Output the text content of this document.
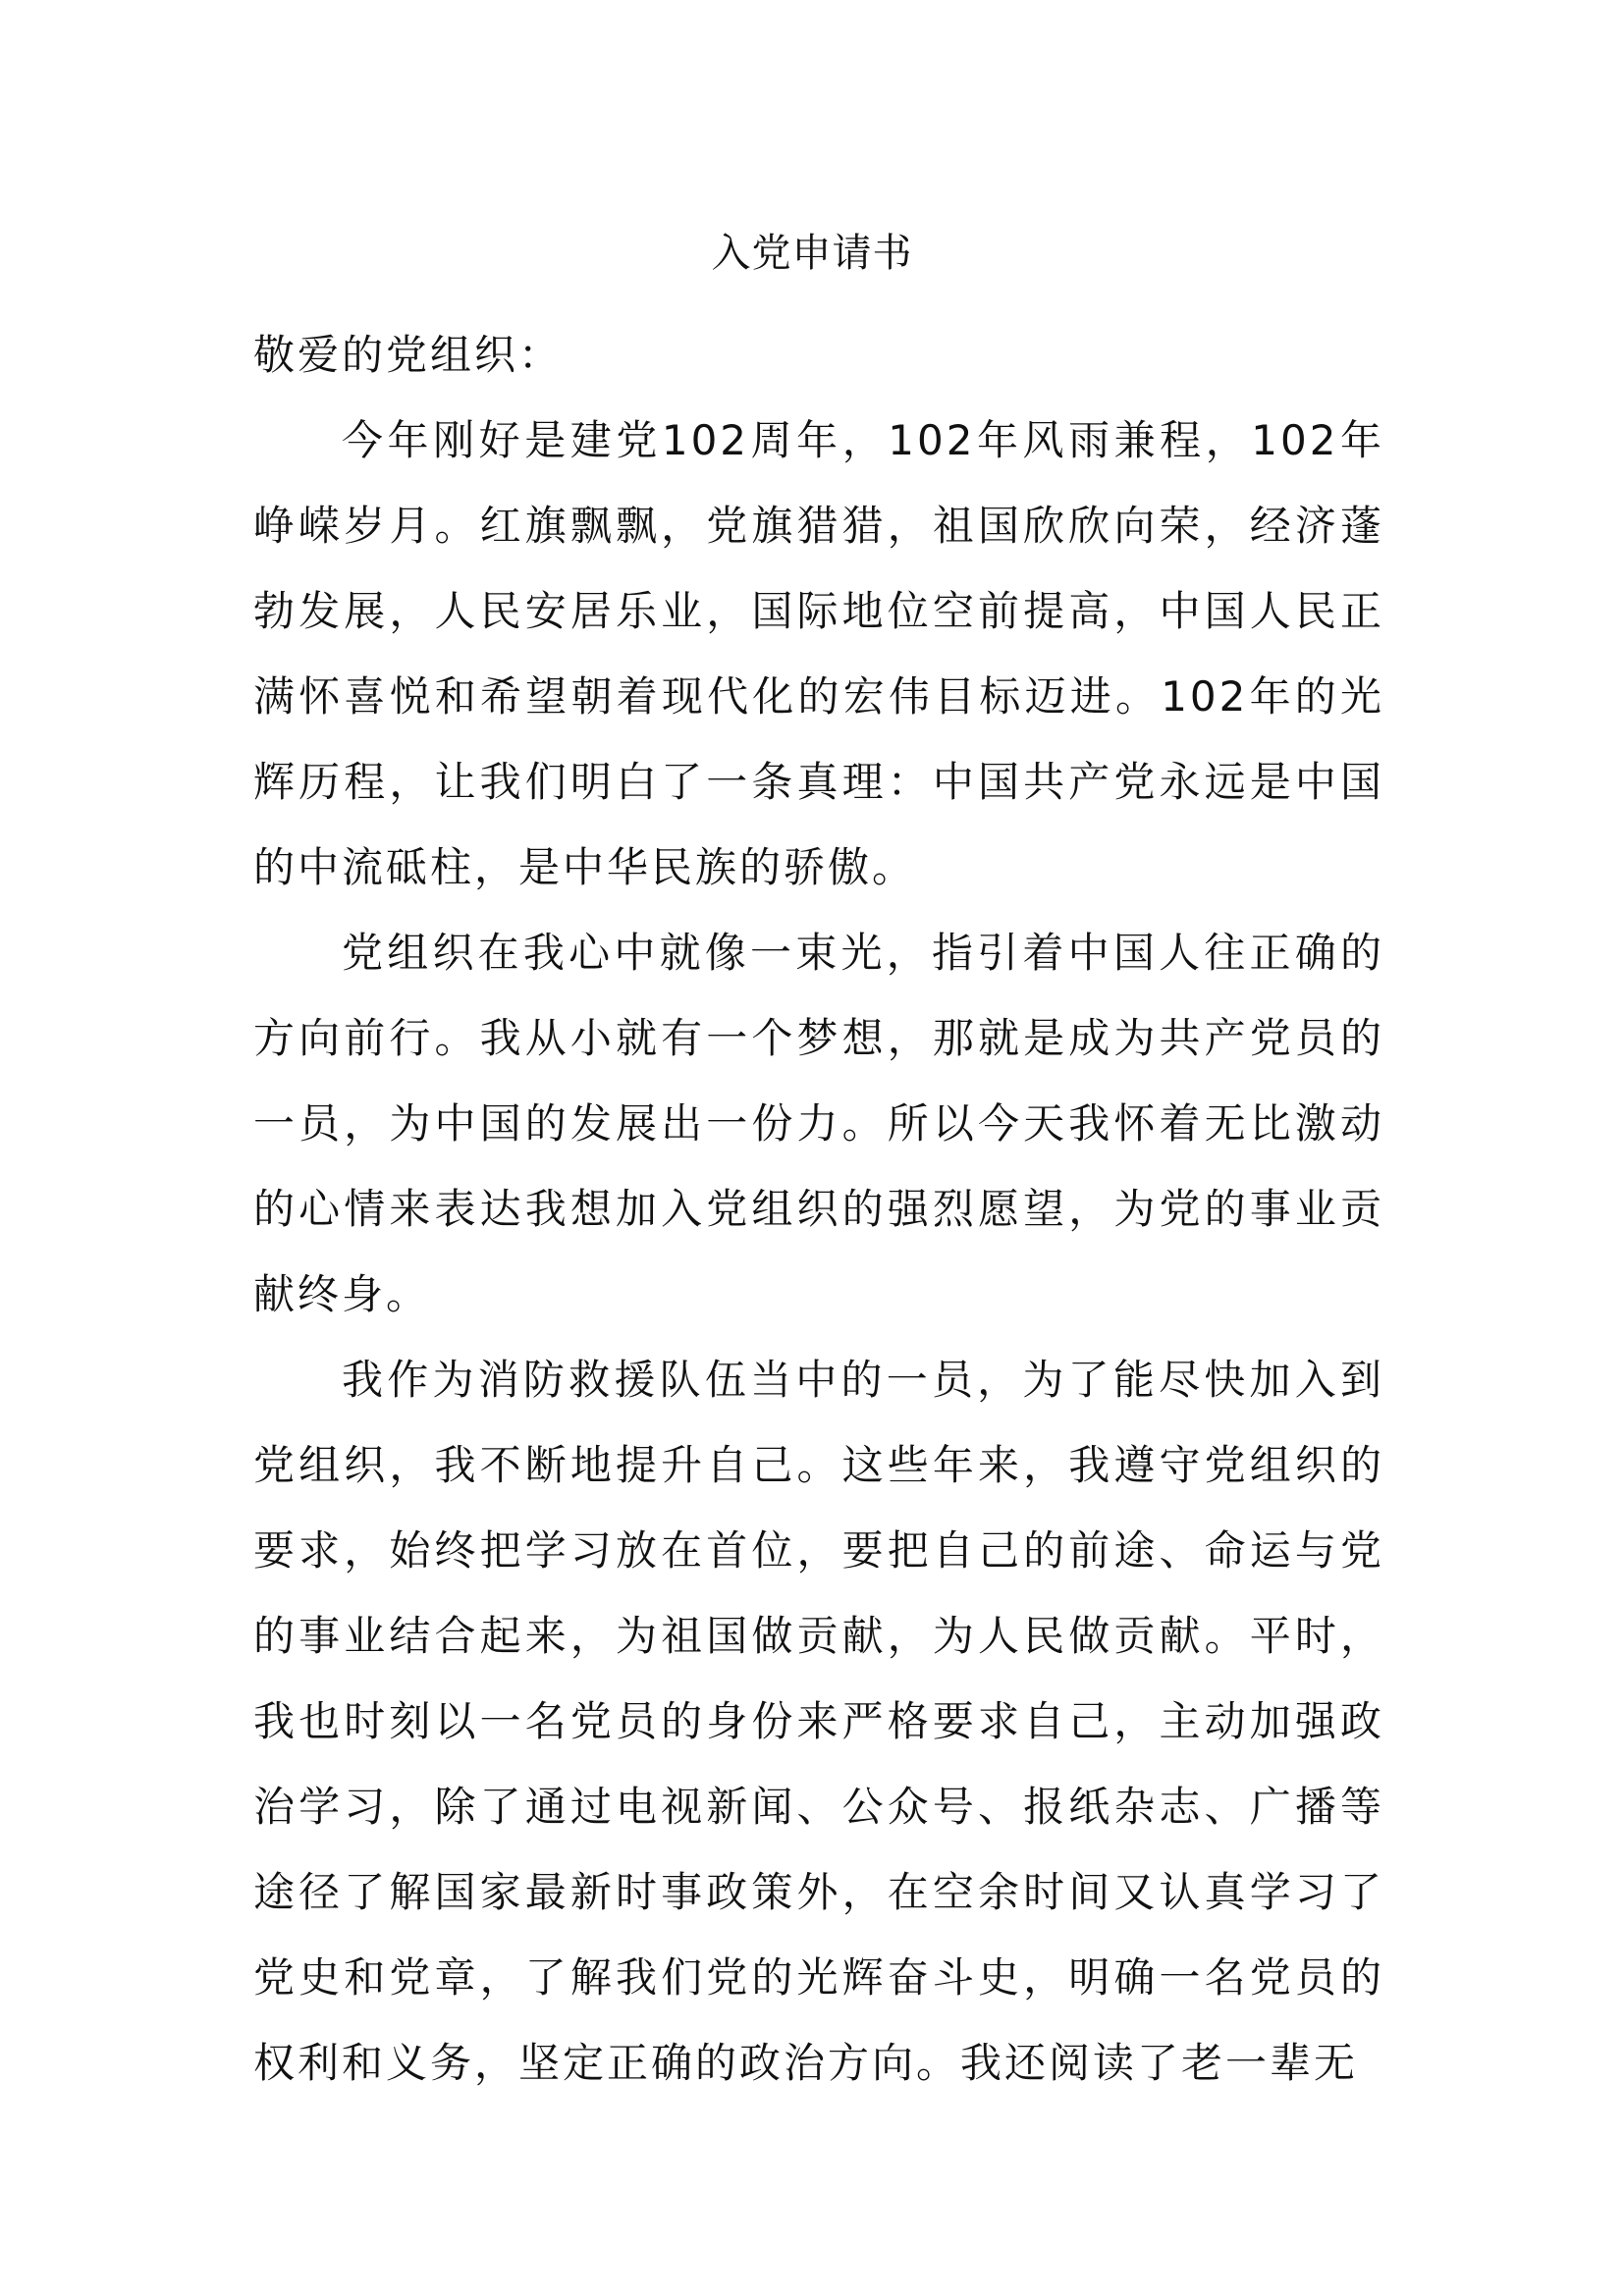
入党申请书

敬爱的党组织：

今年刚好是建党102周年，102年风雨兼程，102年峥嵘岁月。红旗飘飘，党旗猎猎，祖国欣欣向荣，经济蓬勃发展，人民安居乐业，国际地位空前提高，中国人民正满怀喜悦和希望朝着现代化的宏伟目标迈进。102年的光辉历程，让我们明白了一条真理：中国共产党永远是中国的中流砥柱，是中华民族的骄傲。

党组织在我心中就像一束光，指引着中国人往正确的方向前行。我从小就有一个梦想，那就是成为共产党员的一员，为中国的发展出一份力。所以今天我怀着无比激动的心情来表达我想加入党组织的强烈愿望，为党的事业贡献终身。

我作为消防救援队伍当中的一员，为了能尽快加入到党组织，我不断地提升自己。这些年来，我遵守党组织的要求，始终把学习放在首位，要把自己的前途、命运与党的事业结合起来，为祖国做贡献，为人民做贡献。平时，我也时刻以一名党员的身份来严格要求自己，主动加强政治学习，除了通过电视新闻、公众号、报纸杂志、广播等途径了解国家最新时事政策外，在空余时间又认真学习了党史和党章，了解我们党的光辉奋斗史，明确一名党员的权利和义务，坚定正确的政治方向。我还阅读了老一辈无
